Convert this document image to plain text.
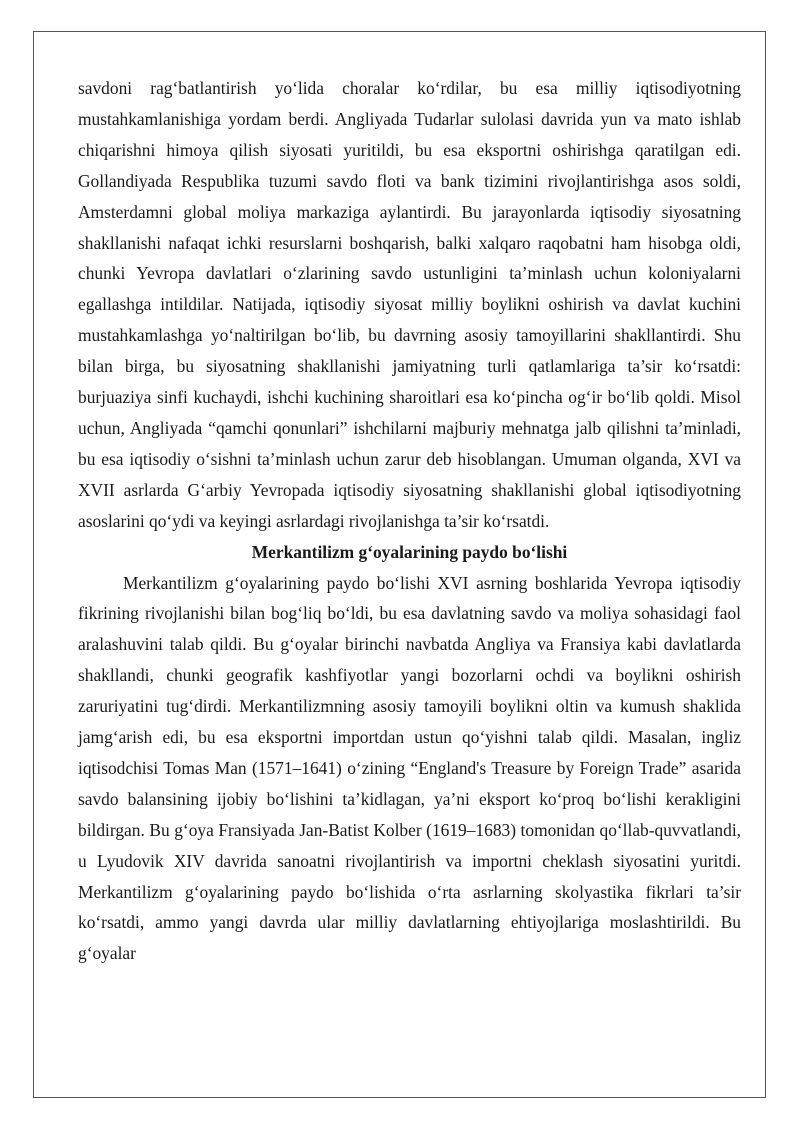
savdoni rag‘batlantirish yo‘lida choralar ko‘rdilar, bu esa milliy iqtisodiyotning mustahkamlanishiga yordam berdi. Angliyada Tudarlar sulolasi davrida yun va mato ishlab chiqarishni himoya qilish siyosati yuritildi, bu esa eksportni oshirishga qaratilgan edi. Gollandiyada Respublika tuzumi savdo floti va bank tizimini rivojlantirishga asos soldi, Amsterdamni global moliya markaziga aylantirdi. Bu jarayonlarda iqtisodiy siyosatning shakllanishi nafaqat ichki resurslarni boshqarish, balki xalqaro raqobatni ham hisobga oldi, chunki Yevropa davlatlari o‘zlarining savdo ustunligini ta’minlash uchun koloniyalarni egallashga intildilar. Natijada, iqtisodiy siyosat milliy boylikni oshirish va davlat kuchini mustahkamlashga yo‘naltirilgan bo‘lib, bu davrning asosiy tamoyillarini shakllantirdi. Shu bilan birga, bu siyosatning shakllanishi jamiyatning turli qatlamlariga ta’sir ko‘rsatdi: burjuaziya sinfi kuchaydi, ishchi kuchining sharoitlari esa ko‘pincha og‘ir bo‘lib qoldi. Misol uchun, Angliyada “qamchi qonunlari” ishchilarni majburiy mehnatga jalb qilishni ta’minladi, bu esa iqtisodiy o‘sishni ta’minlash uchun zarur deb hisoblangan. Umuman olganda, XVI va XVII asrlarda G‘arbiy Yevropada iqtisodiy siyosatning shakllanishi global iqtisodiyotning asoslarini qo‘ydi va keyingi asrlardagi rivojlanishga ta’sir ko‘rsatdi.

Merkantilizm g‘oyalarining paydo bo‘lishi

Merkantilizm g‘oyalarining paydo bo‘lishi XVI asrning boshlarida Yevropa iqtisodiy fikrining rivojlanishi bilan bog‘liq bo‘ldi, bu esa davlatning savdo va moliya sohasidagi faol aralashuvini talab qildi. Bu g‘oyalar birinchi navbatda Angliya va Fransiya kabi davlatlarda shakllandi, chunki geografik kashfiyotlar yangi bozorlarni ochdi va boylikni oshirish zaruriyatini tug‘dirdi. Merkantilizmning asosiy tamoyili boylikni oltin va kumush shaklida jamg‘arish edi, bu esa eksportni importdan ustun qo‘yishni talab qildi. Masalan, ingliz iqtisodchisi Tomas Man (1571–1641) o‘zining “England's Treasure by Foreign Trade” asarida savdo balansining ijobiy bo‘lishini ta’kidlagan, ya’ni eksport ko‘proq bo‘lishi kerakligini bildirgan. Bu g‘oya Fransiyada Jan-Batist Kolber (1619–1683) tomonidan qo‘llab-quvvatlandi, u Lyudovik XIV davrida sanoatni rivojlantirish va importni cheklash siyosatini yuritdi. Merkantilizm g‘oyalarining paydo bo‘lishida o‘rta asrlarning skolyastika fikrlari ta’sir ko‘rsatdi, ammo yangi davrda ular milliy davlatlarning ehtiyojlariga moslashtirildi. Bu g‘oyalar
